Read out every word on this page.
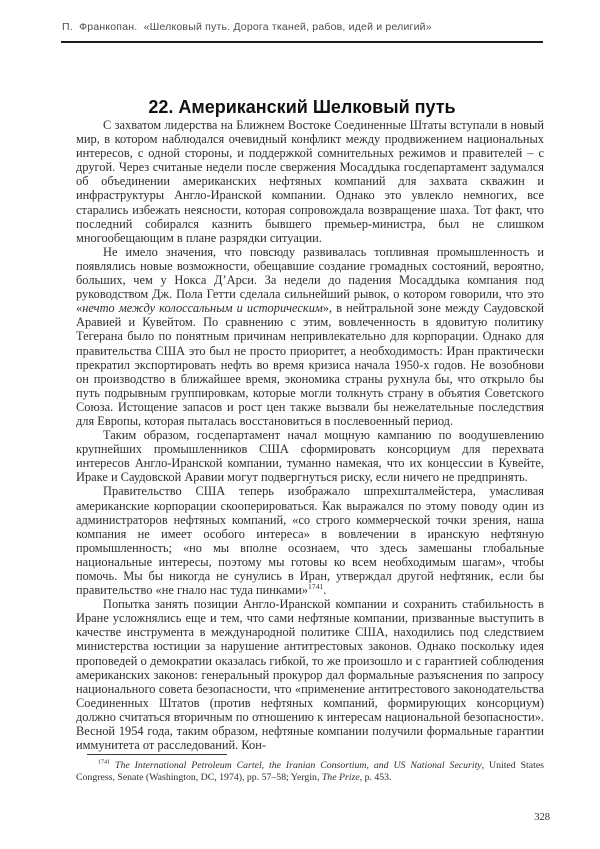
П.  Франкопан.  «Шелковый путь. Дорога тканей, рабов, идей и религий»
22. Американский Шелковый путь

С захватом лидерства на Ближнем Востоке Соединенные Штаты вступали в новый мир, в котором наблюдался очевидный конфликт между продвижением национальных интересов, с одной стороны, и поддержкой сомнительных режимов и правителей – с другой. Через считаные недели после свержения Мосаддыка госдепартамент задумался об объединении американских нефтяных компаний для захвата скважин и инфраструктуры Англо-Иранской компании. Однако это увлекло немногих, все старались избежать неясности, которая сопровождала возвращение шаха. Тот факт, что последний собирался казнить бывшего премьер-министра, был не слишком многообещающим в плане разрядки ситуации.

Не имело значения, что повсюду развивалась топливная промышленность и появлялись новые возможности, обещавшие создание громадных состояний, вероятно, больших, чем у Нокса Д’Арси. За недели до падения Мосаддыка компания под руководством Дж. Пола Гетти сделала сильнейший рывок, о котором говорили, что это «нечто между колоссальным и историческим», в нейтральной зоне между Саудовской Аравией и Кувейтом. По сравнению с этим, вовлеченность в ядовитую политику Тегерана было по понятным причинам непривлекательно для корпорации. Однако для правительства США это был не просто приоритет, а необходимость: Иран практически прекратил экспортировать нефть во время кризиса начала 1950-х годов. Не возобнови он производство в ближайшее время, экономика страны рухнула бы, что открыло бы путь подрывным группировкам, которые могли толкнуть страну в объятия Советского Союза. Истощение запасов и рост цен также вызвали бы нежелательные последствия для Европы, которая пыталась восстановиться в послевоенный период.

Таким образом, госдепартамент начал мощную кампанию по воодушевлению крупнейших промышленников США сформировать консорциум для перехвата интересов Англо-Иранской компании, туманно намекая, что их концессии в Кувейте, Ираке и Саудовской Аравии могут подвергнуться риску, если ничего не предпринять.

Правительство США теперь изображало шпрехшталмейстера, умасливая американские корпорации скооперироваться. Как выражался по этому поводу один из администраторов нефтяных компаний, «со строго коммерческой точки зрения, наша компания не имеет особого интереса» в вовлечении в иранскую нефтяную промышленность; «но мы вполне осознаем, что здесь замешаны глобальные национальные интересы, поэтому мы готовы ко всем необходимым шагам», чтобы помочь. Мы бы никогда не сунулись в Иран, утверждал другой нефтяник, если бы правительство «не гнало нас туда пинками»$^{1741}$.

Попытка занять позиции Англо-Иранской компании и сохранить стабильность в Иране усложнялись еще и тем, что сами нефтяные компании, призванные выступить в качестве инструмента в международной политике США, находились под следствием министерства юстиции за нарушение антитрестовых законов. Однако поскольку идея проповедей о демократии оказалась гибкой, то же произошло и с гарантией соблюдения американских законов: генеральный прокурор дал формальные разъяснения по запросу национального совета безопасности, что «применение антитрестового законодательства Соединенных Штатов (против нефтяных компаний, формирующих консорциум) должно считаться вторичным по отношению к интересам национальной безопасности». Весной 1954 года, таким образом, нефтяные компании получили формальные гарантии иммунитета от расследований. Кон-

$^{1741}$ The International Petroleum Cartel, the Iranian Consortium, and US National Security, United States Congress, Senate (Washington, DC, 1974), pp. 57–58; Yergin, The Prize, p. 453.

328
